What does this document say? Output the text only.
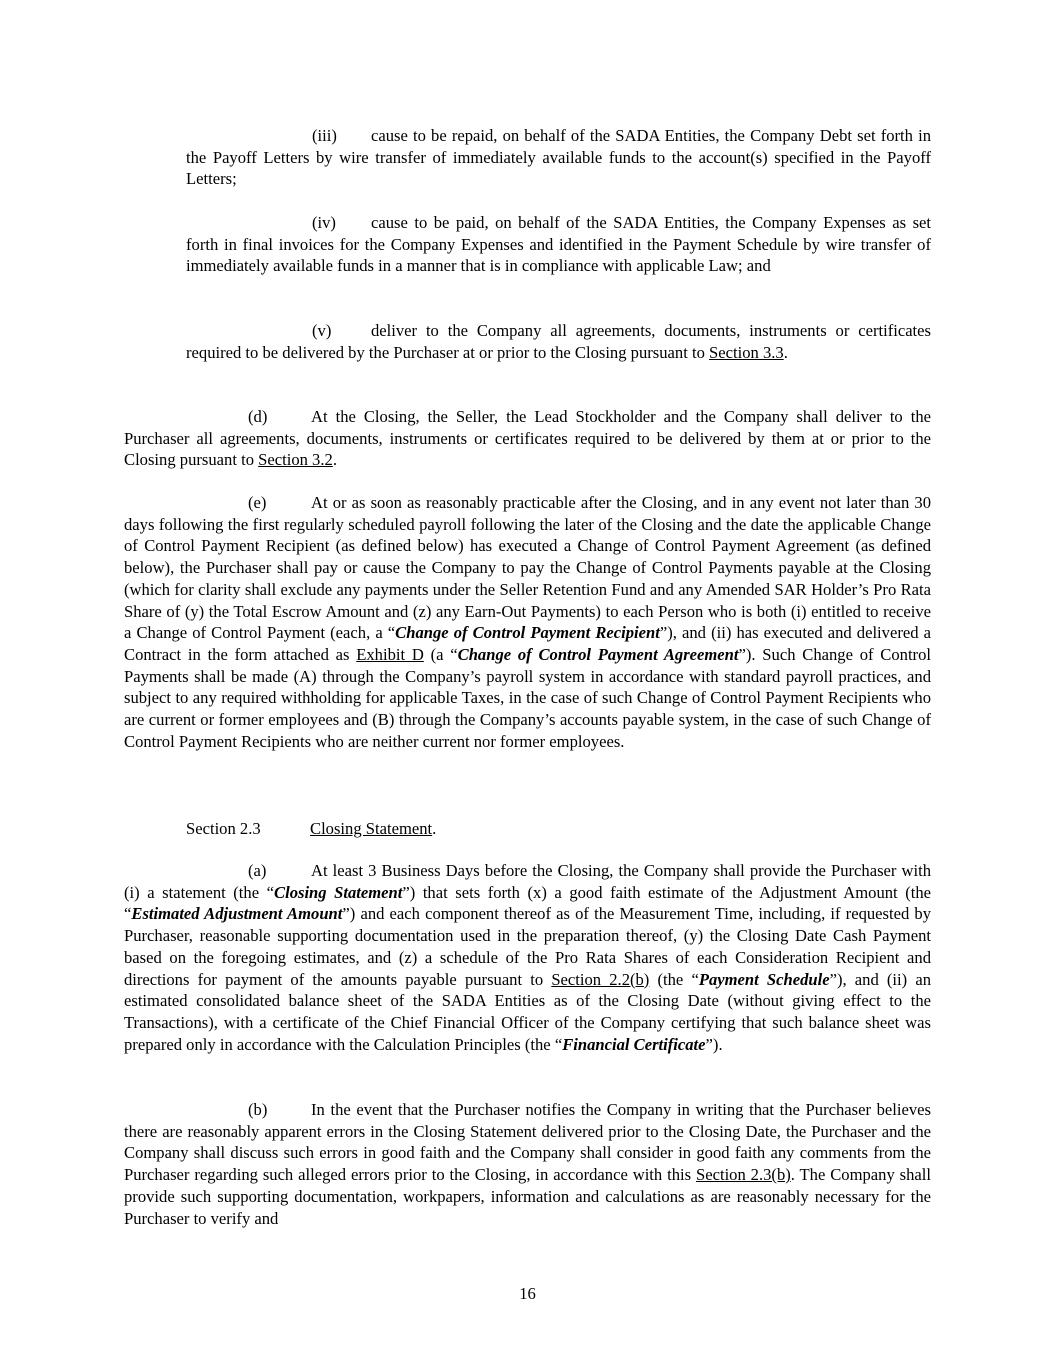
(iii) cause to be repaid, on behalf of the SADA Entities, the Company Debt set forth in the Payoff Letters by wire transfer of immediately available funds to the account(s) specified in the Payoff Letters;

(iv) cause to be paid, on behalf of the SADA Entities, the Company Expenses as set forth in final invoices for the Company Expenses and identified in the Payment Schedule by wire transfer of immediately available funds in a manner that is in compliance with applicable Law; and

(v) deliver to the Company all agreements, documents, instruments or certificates required to be delivered by the Purchaser at or prior to the Closing pursuant to Section 3.3.

(d)	At the Closing, the Seller, the Lead Stockholder and the Company shall deliver to the Purchaser all agreements, documents, instruments or certificates required to be delivered by them at or prior to the Closing pursuant to Section 3.2.

(e)	At or as soon as reasonably practicable after the Closing, and in any event not later than 30 days following the first regularly scheduled payroll following the later of the Closing and the date the applicable Change of Control Payment Recipient (as defined below) has executed a Change of Control Payment Agreement (as defined below), the Purchaser shall pay or cause the Company to pay the Change of Control Payments payable at the Closing (which for clarity shall exclude any payments under the Seller Retention Fund and any Amended SAR Holder’s Pro Rata Share of (y) the Total Escrow Amount and (z) any Earn-Out Payments) to each Person who is both (i) entitled to receive a Change of Control Payment (each, a “Change of Control Payment Recipient”), and (ii) has executed and delivered a Contract in the form attached as Exhibit D (a “Change of Control Payment Agreement”). Such Change of Control Payments shall be made (A) through the Company’s payroll system in accordance with standard payroll practices, and subject to any required withholding for applicable Taxes, in the case of such Change of Control Payment Recipients who are current or former employees and (B) through the Company’s accounts payable system, in the case of such Change of Control Payment Recipients who are neither current nor former employees.

Section 2.3	Closing Statement.

(a)	At least 3 Business Days before the Closing, the Company shall provide the Purchaser with (i) a statement (the “Closing Statement”) that sets forth (x) a good faith estimate of the Adjustment Amount (the “Estimated Adjustment Amount”) and each component thereof as of the Measurement Time, including, if requested by Purchaser, reasonable supporting documentation used in the preparation thereof, (y) the Closing Date Cash Payment based on the foregoing estimates, and (z) a schedule of the Pro Rata Shares of each Consideration Recipient and directions for payment of the amounts payable pursuant to Section 2.2(b) (the “Payment Schedule”), and (ii) an estimated consolidated balance sheet of the SADA Entities as of the Closing Date (without giving effect to the Transactions), with a certificate of the Chief Financial Officer of the Company certifying that such balance sheet was prepared only in accordance with the Calculation Principles (the “Financial Certificate”).

(b)	In the event that the Purchaser notifies the Company in writing that the Purchaser believes there are reasonably apparent errors in the Closing Statement delivered prior to the Closing Date, the Purchaser and the Company shall discuss such errors in good faith and the Company shall consider in good faith any comments from the Purchaser regarding such alleged errors prior to the Closing, in accordance with this Section 2.3(b). The Company shall provide such supporting documentation, workpapers, information and calculations as are reasonably necessary for the Purchaser to verify and

16
